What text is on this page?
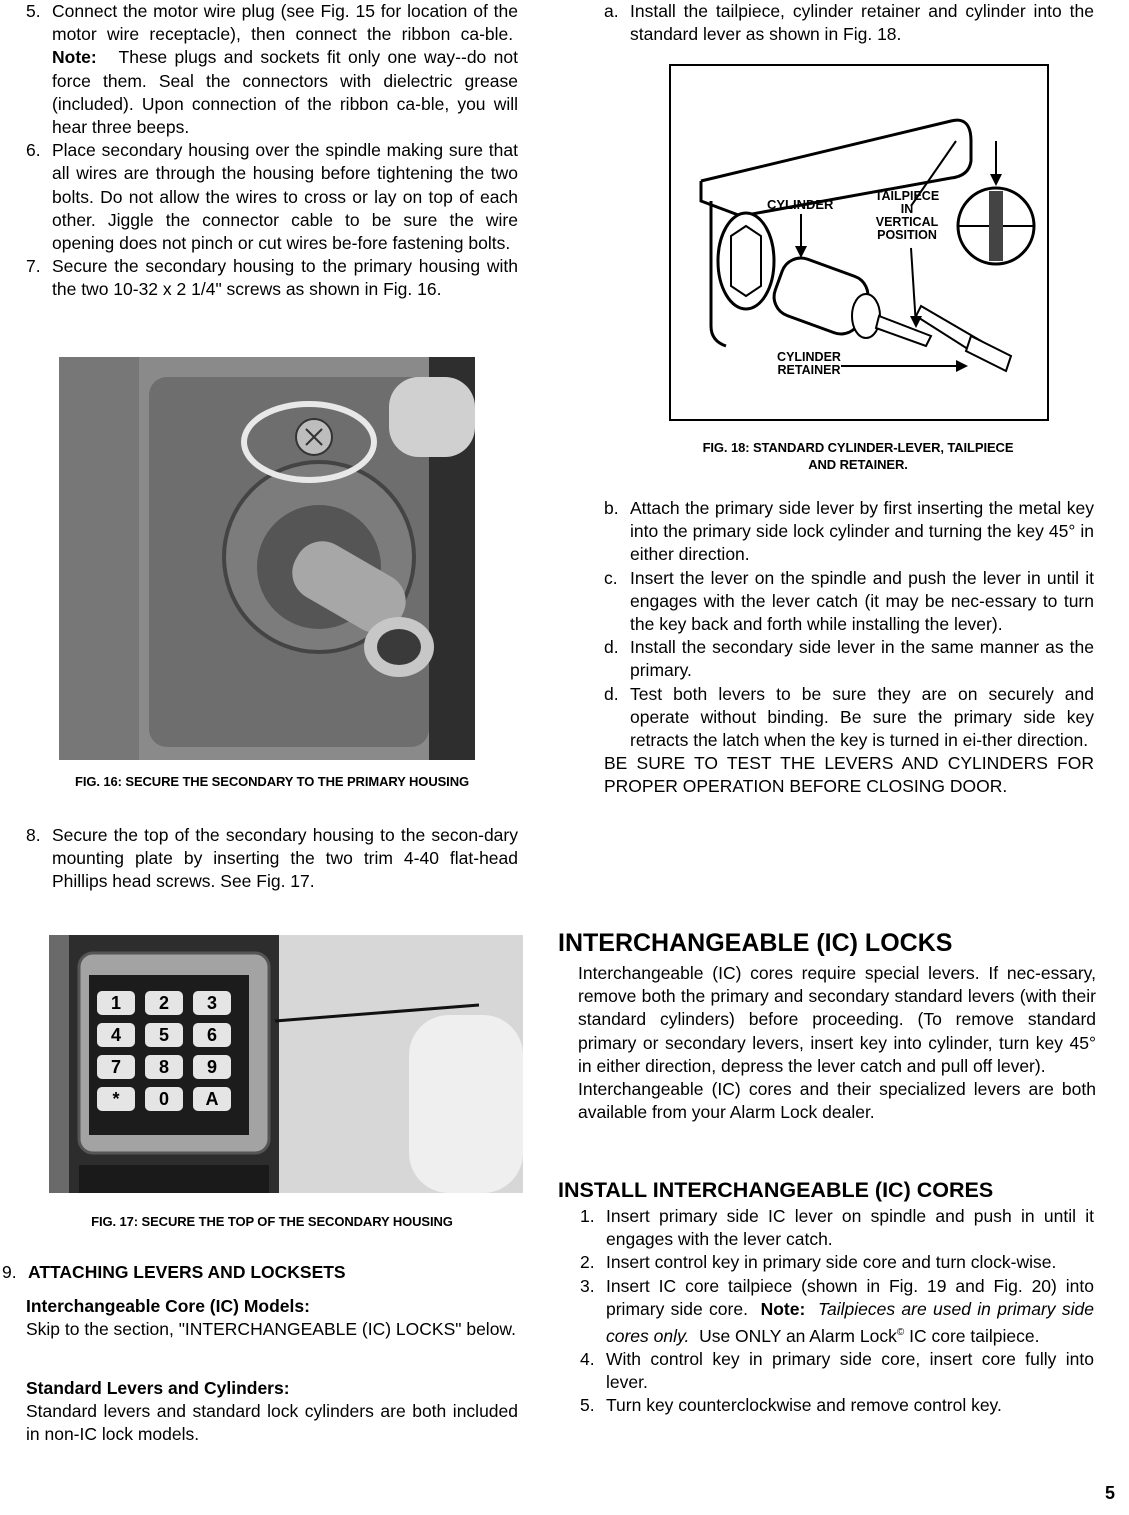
5. Connect the motor wire plug (see Fig. 15 for location of the motor wire receptacle), then connect the ribbon ca-ble.  Note: These plugs and sockets fit only one way--do not force them. Seal the connectors with dielectric grease (included). Upon connection of the ribbon ca-ble, you will hear three beeps.
6. Place secondary housing over the spindle making sure that all wires are through the housing before tightening the two bolts. Do not allow the wires to cross or lay on top of each other. Jiggle the connector cable to be sure the wire opening does not pinch or cut wires be-fore fastening bolts.
7. Secure the secondary housing to the primary housing with the two 10-32 x 2 1/4" screws as shown in Fig. 16.
FIG. 16: SECURE THE SECONDARY TO THE PRIMARY HOUSING
8. Secure the top of the secondary housing to the secon-dary mounting plate by inserting the two trim 4-40 flat-head Phillips head screws. See Fig. 17.
1	2	3
4	5	6
7	8	9
*	0	A
FIG. 17: SECURE THE TOP OF THE SECONDARY HOUSING
9. ATTACHING LEVERS AND LOCKSETS
Interchangeable Core (IC) Models:
Skip to the section, "INTERCHANGEABLE (IC) LOCKS" below.
Standard Levers and Cylinders:
Standard levers and standard lock cylinders are both included in non-IC lock models.
a. Install the tailpiece, cylinder retainer and cylinder into the standard lever as shown in Fig. 18.
CYLINDER
TAILPIECE
IN
VERTICAL
POSITION
CYLINDER
RETAINER
FIG. 18: STANDARD CYLINDER-LEVER, TAILPIECE
AND RETAINER.
b. Attach the primary side lever by first inserting the metal key into the primary side lock cylinder and turning the key 45° in either direction.
c. Insert the lever on the spindle and push the lever in until it engages with the lever catch (it may be nec-essary to turn the key back and forth while installing the lever).
d. Install the secondary side lever in the same manner as the primary.
d. Test both levers to be sure they are on securely and operate without binding. Be sure the primary side key retracts the latch when the key is turned in ei-ther direction.
BE SURE TO TEST THE LEVERS AND CYLINDERS FOR PROPER OPERATION BEFORE CLOSING DOOR.
INTERCHANGEABLE (IC) LOCKS
Interchangeable (IC) cores require special levers. If nec-essary, remove both the primary and secondary standard levers (with their standard cylinders) before proceeding. (To remove standard primary or secondary levers, insert key into cylinder, turn key 45° in either direction, depress the lever catch and pull off lever).
Interchangeable (IC) cores and their specialized levers are both available from your Alarm Lock dealer.
INSTALL INTERCHANGEABLE (IC) CORES
1. Insert primary side IC lever on spindle and push in until it engages with the lever catch.
2. Insert control key in primary side core and turn clock-wise.
3. Insert IC core tailpiece (shown in Fig. 19 and Fig. 20) into primary side core. Note: Tailpieces are used in primary side cores only. Use ONLY an Alarm Lock© IC core tailpiece.
4. With control key in primary side core, insert core fully into lever.
5. Turn key counterclockwise and remove control key.
5
